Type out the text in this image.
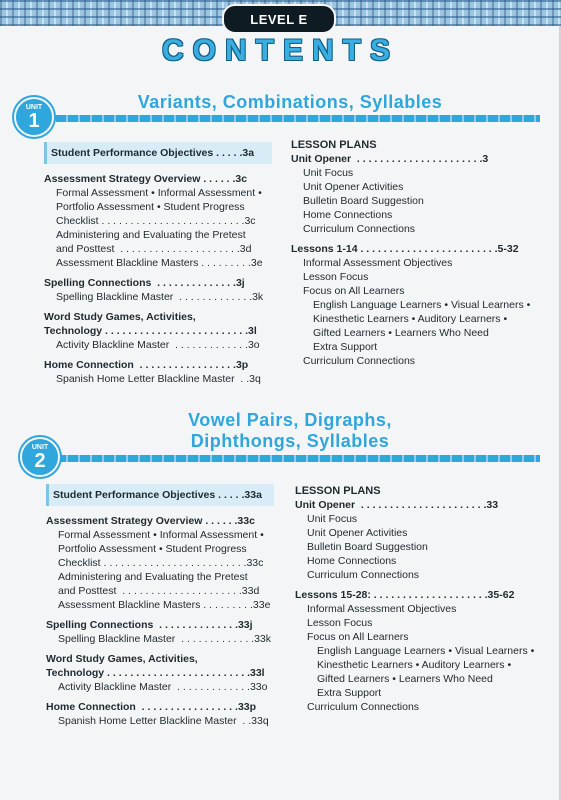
LEVEL E
CONTENTS
UNIT
1
Variants, Combinations, Syllables
Student Performance Objectives . . . . .3a
Assessment Strategy Overview . . . . . .3c
Formal Assessment • Informal Assessment •
Portfolio Assessment • Student Progress
Checklist . . . . . . . . . . . . . . . . . . . . . . . . .3c
Administering and Evaluating the Pretest
and Posttest  . . . . . . . . . . . . . . . . . . . . .3d
Assessment Blackline Masters . . . . . . . . .3e
Spelling Connections  . . . . . . . . . . . . . .3j
Spelling Blackline Master  . . . . . . . . . . . . .3k
Word Study Games, Activities,
Technology . . . . . . . . . . . . . . . . . . . . . . . . .3l
Activity Blackline Master  . . . . . . . . . . . . .3o
Home Connection  . . . . . . . . . . . . . . . . .3p
Spanish Home Letter Blackline Master  . .3q
LESSON PLANS
Unit Opener  . . . . . . . . . . . . . . . . . . . . . .3
Unit Focus
Unit Opener Activities
Bulletin Board Suggestion
Home Connections
Curriculum Connections
Lessons 1-14 . . . . . . . . . . . . . . . . . . . . . . . .5-32
Informal Assessment Objectives
Lesson Focus
Focus on All Learners
English Language Learners • Visual Learners •
Kinesthetic Learners • Auditory Learners •
Gifted Learners • Learners Who Need
Extra Support
Curriculum Connections
UNIT
2
Vowel Pairs, Digraphs,
Diphthongs, Syllables
Student Performance Objectives . . . . .33a
Assessment Strategy Overview . . . . . .33c
Formal Assessment • Informal Assessment •
Portfolio Assessment • Student Progress
Checklist . . . . . . . . . . . . . . . . . . . . . . . . .33c
Administering and Evaluating the Pretest
and Posttest  . . . . . . . . . . . . . . . . . . . . .33d
Assessment Blackline Masters . . . . . . . . .33e
Spelling Connections  . . . . . . . . . . . . . .33j
Spelling Blackline Master  . . . . . . . . . . . . .33k
Word Study Games, Activities,
Technology . . . . . . . . . . . . . . . . . . . . . . . . .33l
Activity Blackline Master  . . . . . . . . . . . . .33o
Home Connection  . . . . . . . . . . . . . . . . .33p
Spanish Home Letter Blackline Master  . .33q
LESSON PLANS
Unit Opener  . . . . . . . . . . . . . . . . . . . . . .33
Unit Focus
Unit Opener Activities
Bulletin Board Suggestion
Home Connections
Curriculum Connections
Lessons 15-28: . . . . . . . . . . . . . . . . . . . .35-62
Informal Assessment Objectives
Lesson Focus
Focus on All Learners
English Language Learners • Visual Learners •
Kinesthetic Learners • Auditory Learners •
Gifted Learners • Learners Who Need
Extra Support
Curriculum Connections
